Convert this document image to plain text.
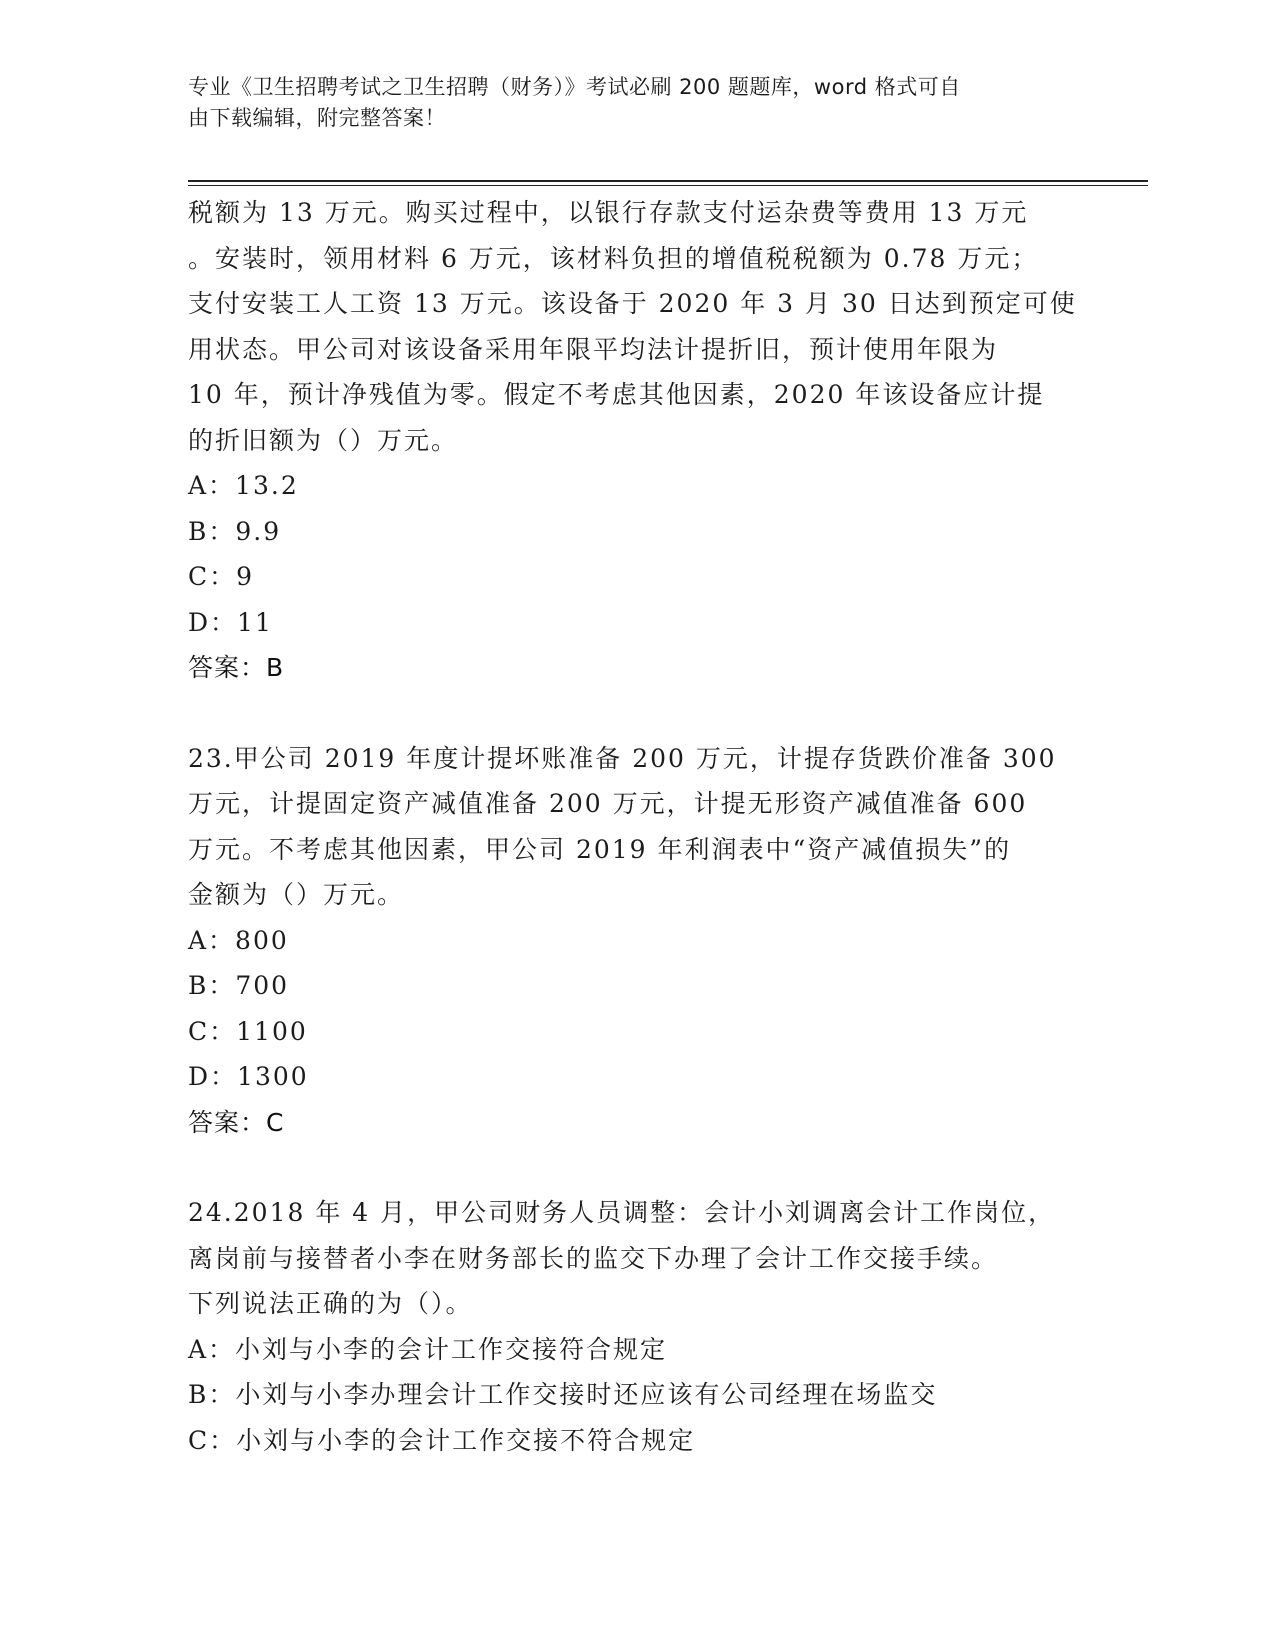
专业《卫生招聘考试之卫生招聘（财务）》考试必刷 200 题题库，word 格式可自
由下载编辑，附完整答案！
税额为 13 万元。购买过程中，以银行存款支付运杂费等费用 13 万元
。安装时，领用材料 6 万元，该材料负担的增值税税额为 0.78 万元；
支付安装工人工资 13 万元。该设备于 2020 年 3 月 30 日达到预定可使
用状态。甲公司对该设备采用年限平均法计提折旧，预计使用年限为
10 年，预计净残值为零。假定不考虑其他因素，2020 年该设备应计提
的折旧额为（）万元。
A：13.2
B：9.9
C：9
D：11
答案：B
23.甲公司 2019 年度计提坏账准备 200 万元，计提存货跌价准备 300
万元，计提固定资产减值准备 200 万元，计提无形资产减值准备 600
万元。不考虑其他因素，甲公司 2019 年利润表中“资产减值损失”的
金额为（）万元。
A：800
B：700
C：1100
D：1300
答案：C
24.2018 年 4 月，甲公司财务人员调整：会计小刘调离会计工作岗位，
离岗前与接替者小李在财务部长的监交下办理了会计工作交接手续。
下列说法正确的为（）。
A：小刘与小李的会计工作交接符合规定
B：小刘与小李办理会计工作交接时还应该有公司经理在场监交
C：小刘与小李的会计工作交接不符合规定
